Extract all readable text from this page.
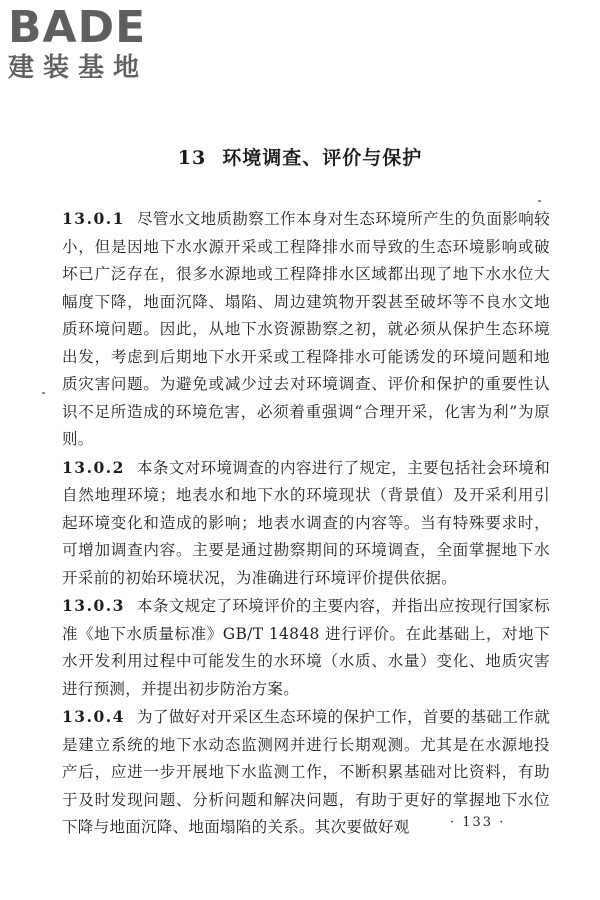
BADE
建装基地
13 环境调查、评价与保护

13.0.1 尽管水文地质勘察工作本身对生态环境所产生的负面影响较小，但是因地下水水源开采或工程降排水而导致的生态环境影响或破坏已广泛存在，很多水源地或工程降排水区域都出现了地下水水位大幅度下降，地面沉降、塌陷、周边建筑物开裂甚至破坏等不良水文地质环境问题。因此，从地下水资源勘察之初，就必须从保护生态环境出发，考虑到后期地下水开采或工程降排水可能诱发的环境问题和地质灾害问题。为避免或减少过去对环境调查、评价和保护的重要性认识不足所造成的环境危害，必须着重强调“合理开采，化害为利”为原则。

13.0.2 本条文对环境调查的内容进行了规定，主要包括社会环境和自然地理环境；地表水和地下水的环境现状（背景值）及开采利用引起环境变化和造成的影响；地表水调查的内容等。当有特殊要求时，可增加调查内容。主要是通过勘察期间的环境调查，全面掌握地下水开采前的初始环境状况，为准确进行环境评价提供依据。

13.0.3 本条文规定了环境评价的主要内容，并指出应按现行国家标准《地下水质量标准》GB/T 14848 进行评价。在此基础上，对地下水开发利用过程中可能发生的水环境（水质、水量）变化、地质灾害进行预测，并提出初步防治方案。

13.0.4 为了做好对开采区生态环境的保护工作，首要的基础工作就是建立系统的地下水动态监测网并进行长期观测。尤其是在水源地投产后，应进一步开展地下水监测工作，不断积累基础对比资料，有助于及时发现问题、分析问题和解决问题，有助于更好的掌握地下水位下降与地面沉降、地面塌陷的关系。其次要做好观	· 133 ·
